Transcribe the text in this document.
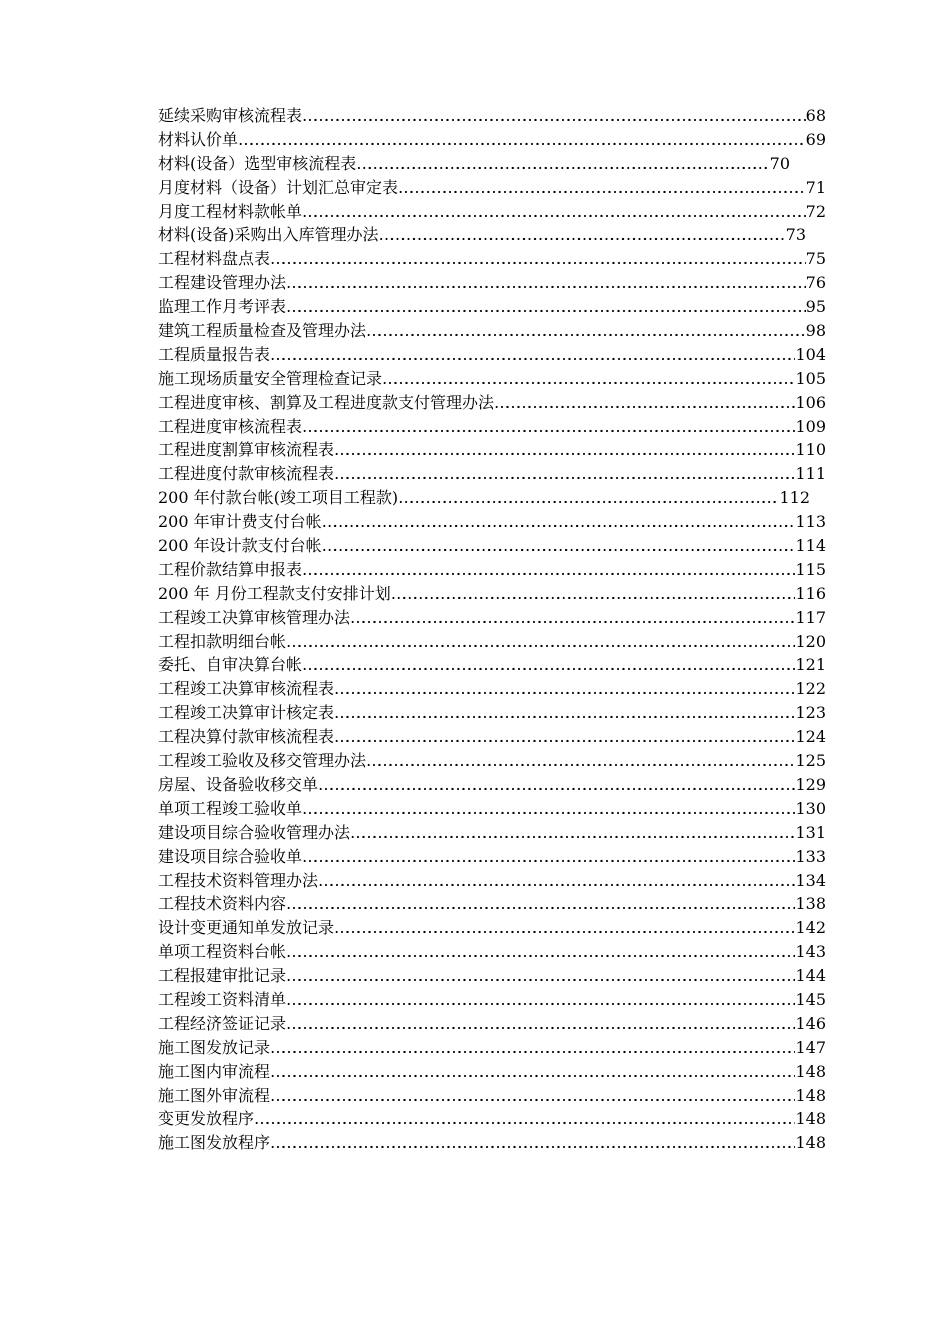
延续采购审核流程表 ………………………………………………………………………………………………………………………………………………………………………………………………	68
材料认价单 ………………………………………………………………………………………………………………………………………………………………………………………………	69
材料(设备）选型审核流程表 ………………………………………………………………………………………………………………………………………………………………………………………………	70
月度材料（设备）计划汇总审定表 ………………………………………………………………………………………………………………………………………………………………………………………………	71
月度工程材料款帐单 ………………………………………………………………………………………………………………………………………………………………………………………………	72
材料(设备)采购出入库管理办法 ………………………………………………………………………………………………………………………………………………………………………………………………	73
工程材料盘点表 ………………………………………………………………………………………………………………………………………………………………………………………………	75
工程建设管理办法 ………………………………………………………………………………………………………………………………………………………………………………………………	76
监理工作月考评表 ………………………………………………………………………………………………………………………………………………………………………………………………	95
建筑工程质量检查及管理办法 ………………………………………………………………………………………………………………………………………………………………………………………………	98
工程质量报告表 ………………………………………………………………………………………………………………………………………………………………………………………………	104
施工现场质量安全管理检查记录 ………………………………………………………………………………………………………………………………………………………………………………………………	105
工程进度审核、割算及工程进度款支付管理办法 ………………………………………………………………………………………………………………………………………………………………………………………………	106
工程进度审核流程表 ………………………………………………………………………………………………………………………………………………………………………………………………	109
工程进度割算审核流程表 ………………………………………………………………………………………………………………………………………………………………………………………………	110
工程进度付款审核流程表 ………………………………………………………………………………………………………………………………………………………………………………………………	111
200 年付款台帐(竣工项目工程款) ………………………………………………………………………………………………………………………………………………………………………………………………	112
200 年审计费支付台帐 ………………………………………………………………………………………………………………………………………………………………………………………………	113
200 年设计款支付台帐 ………………………………………………………………………………………………………………………………………………………………………………………………	114
工程价款结算申报表 ………………………………………………………………………………………………………………………………………………………………………………………………	115
200 年 月份工程款支付安排计划 ………………………………………………………………………………………………………………………………………………………………………………………………	116
工程竣工决算审核管理办法 ………………………………………………………………………………………………………………………………………………………………………………………………	117
工程扣款明细台帐 ………………………………………………………………………………………………………………………………………………………………………………………………	120
委托、自审决算台帐 ………………………………………………………………………………………………………………………………………………………………………………………………	121
工程竣工决算审核流程表 ………………………………………………………………………………………………………………………………………………………………………………………………	122
工程竣工决算审计核定表 ………………………………………………………………………………………………………………………………………………………………………………………………	123
工程决算付款审核流程表 ………………………………………………………………………………………………………………………………………………………………………………………………	124
工程竣工验收及移交管理办法 ………………………………………………………………………………………………………………………………………………………………………………………………	125
房屋、设备验收移交单 ………………………………………………………………………………………………………………………………………………………………………………………………	129
单项工程竣工验收单 ………………………………………………………………………………………………………………………………………………………………………………………………	130
建设项目综合验收管理办法 ………………………………………………………………………………………………………………………………………………………………………………………………	131
建设项目综合验收单 ………………………………………………………………………………………………………………………………………………………………………………………………	133
工程技术资料管理办法 ………………………………………………………………………………………………………………………………………………………………………………………………	134
工程技术资料内容 ………………………………………………………………………………………………………………………………………………………………………………………………	138
设计变更通知单发放记录 ………………………………………………………………………………………………………………………………………………………………………………………………	142
单项工程资料台帐 ………………………………………………………………………………………………………………………………………………………………………………………………	143
工程报建审批记录 ………………………………………………………………………………………………………………………………………………………………………………………………	144
工程竣工资料清单 ………………………………………………………………………………………………………………………………………………………………………………………………	145
工程经济签证记录 ………………………………………………………………………………………………………………………………………………………………………………………………	146
施工图发放记录 ………………………………………………………………………………………………………………………………………………………………………………………………	147
施工图内审流程 ………………………………………………………………………………………………………………………………………………………………………………………………	148
施工图外审流程 ………………………………………………………………………………………………………………………………………………………………………………………………	148
变更发放程序 ………………………………………………………………………………………………………………………………………………………………………………………………	148
施工图发放程序 ………………………………………………………………………………………………………………………………………………………………………………………………	148
